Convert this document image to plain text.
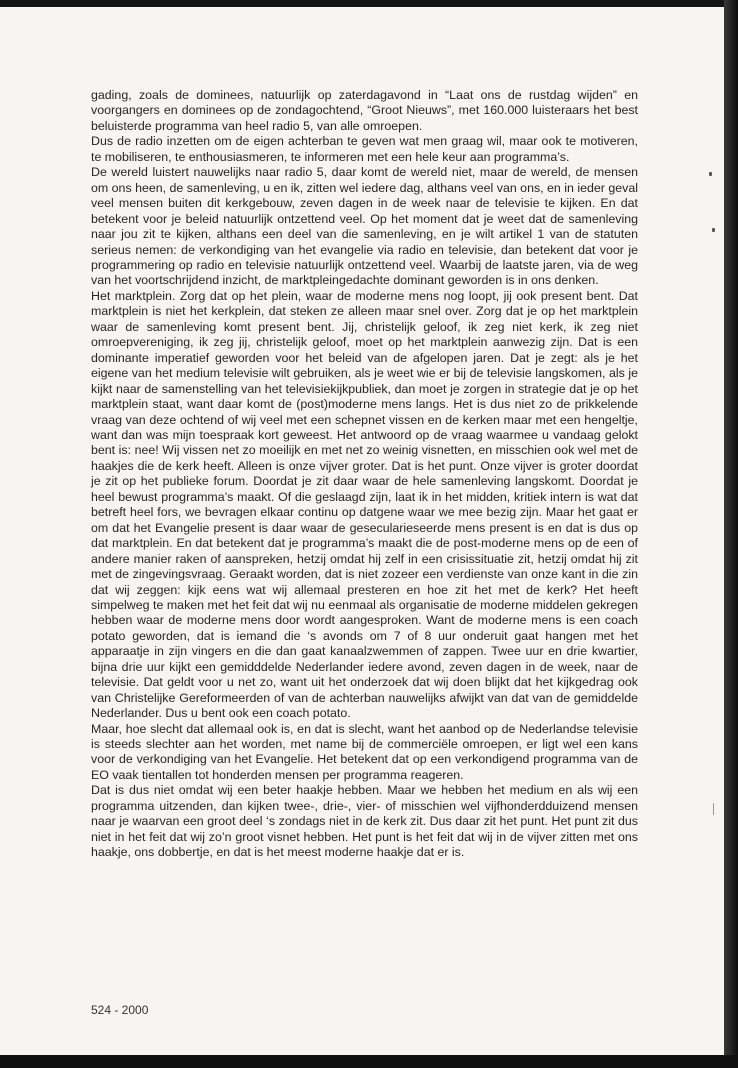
gading, zoals de dominees, natuurlijk op zaterdagavond in “Laat ons de rustdag wijden” en voorgangers en dominees op de zondagochtend, “Groot Nieuws”, met 160.000 luisteraars het best beluisterde programma van heel radio 5, van alle omroepen.

Dus de radio inzetten om de eigen achterban te geven wat men graag wil, maar ook te motiveren, te mobiliseren, te enthousiasmeren, te informeren met een hele keur aan programma’s.

De wereld luistert nauwelijks naar radio 5, daar komt de wereld niet, maar de wereld, de mensen om ons heen, de samenleving, u en ik, zitten wel iedere dag, althans veel van ons, en in ieder geval veel mensen buiten dit kerkgebouw, zeven dagen in de week naar de televisie te kijken. En dat betekent voor je beleid natuurlijk ontzettend veel. Op het moment dat je weet dat de samenleving naar jou zit te kijken, althans een deel van die samenleving, en je wilt artikel 1 van de statuten serieus nemen: de verkondiging van het evangelie via radio en televisie, dan betekent dat voor je programmering op radio en televisie natuurlijk ontzettend veel. Waarbij de laatste jaren, via de weg van het voortschrijdend inzicht, de marktpleingedachte dominant geworden is in ons denken.

Het marktplein. Zorg dat op het plein, waar de moderne mens nog loopt, jij ook present bent. Dat marktplein is niet het kerkplein, dat steken ze alleen maar snel over. Zorg dat je op het marktplein waar de samenleving komt present bent. Jij, christelijk geloof, ik zeg niet kerk, ik zeg niet omroepvereniging, ik zeg jij, christelijk geloof, moet op het marktplein aanwezig zijn. Dat is een dominante imperatief geworden voor het beleid van de afgelopen jaren. Dat je zegt: als je het eigene van het medium televisie wilt gebruiken, als je weet wie er bij de televisie langskomen, als je kijkt naar de samenstelling van het televisiekijkpubliek, dan moet je zorgen in strategie dat je op het marktplein staat, want daar komt de (post)moderne mens langs. Het is dus niet zo de prikkelende vraag van deze ochtend of wij veel met een schepnet vissen en de kerken maar met een hengeltje, want dan was mijn toespraak kort geweest. Het antwoord op de vraag waarmee u vandaag gelokt bent is: nee! Wij vissen net zo moeilijk en met net zo weinig visnetten, en misschien ook wel met de haakjes die de kerk heeft. Alleen is onze vijver groter. Dat is het punt. Onze vijver is groter doordat je zit op het publieke forum. Doordat je zit daar waar de hele samenleving langskomt. Doordat je heel bewust programma’s maakt. Of die geslaagd zijn, laat ik in het midden, kritiek intern is wat dat betreft heel fors, we bevragen elkaar continu op datgene waar we mee bezig zijn. Maar het gaat er om dat het Evangelie present is daar waar de gesecularieseerde mens present is en dat is dus op dat marktplein. En dat betekent dat je programma’s maakt die de post-moderne mens op de een of andere manier raken of aanspreken, hetzij omdat hij zelf in een crisissituatie zit, hetzij omdat hij zit met de zingevingsvraag. Geraakt worden, dat is niet zozeer een verdienste van onze kant in die zin dat wij zeggen: kijk eens wat wij allemaal presteren en hoe zit het met de kerk? Het heeft simpelweg te maken met het feit dat wij nu eenmaal als organisatie de moderne middelen gekregen hebben waar de moderne mens door wordt aangesproken. Want de moderne mens is een coach potato geworden, dat is iemand die ‘s avonds om 7 of 8 uur onderuit gaat hangen met het apparaatje in zijn vingers en die dan gaat kanaalzwemmen of zappen. Twee uur en drie kwartier, bijna drie uur kijkt een gemidddelde Nederlander iedere avond, zeven dagen in de week, naar de televisie. Dat geldt voor u net zo, want uit het onderzoek dat wij doen blijkt dat het kijkgedrag ook van Christelijke Gereformeerden of van de achterban nauwelijks afwijkt van dat van de gemiddelde Nederlander. Dus u bent ook een coach potato.

Maar, hoe slecht dat allemaal ook is, en dat is slecht, want het aanbod op de Nederlandse televisie is steeds slechter aan het worden, met name bij de commerciële omroepen, er ligt wel een kans voor de verkondiging van het Evangelie. Het betekent dat op een verkondigend programma van de EO vaak tientallen tot honderden mensen per programma reageren.

Dat is dus niet omdat wij een beter haakje hebben. Maar we hebben het medium en als wij een programma uitzenden, dan kijken twee-, drie-, vier- of misschien wel vijfhonderdduizend mensen naar je waarvan een groot deel ‘s zondags niet in de kerk zit. Dus daar zit het punt. Het punt zit dus niet in het feit dat wij zo’n groot visnet hebben. Het punt is het feit dat wij in de vijver zitten met ons haakje, ons dobbertje, en dat is het meest moderne haakje dat er is.

524 - 2000
